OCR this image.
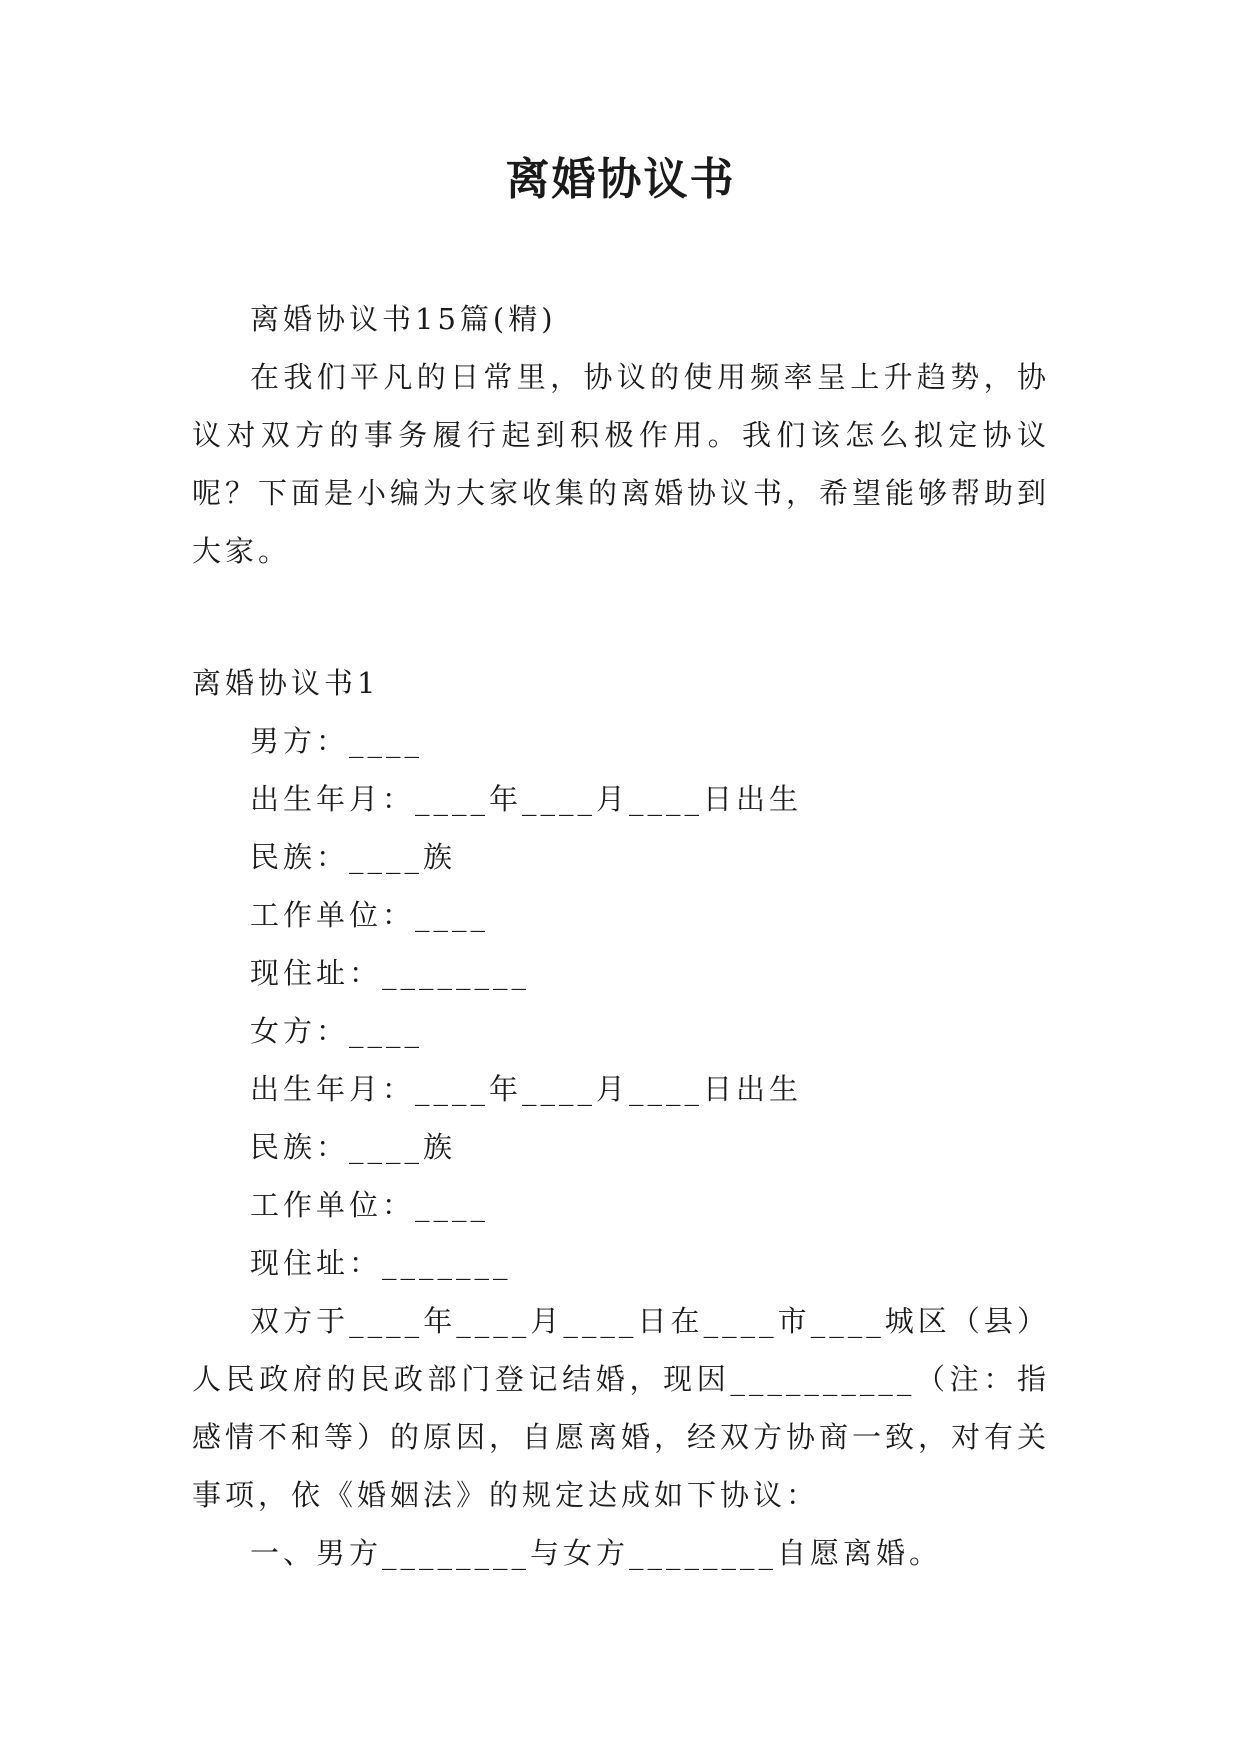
离婚协议书

离婚协议书15篇(精)

在我们平凡的日常里，协议的使用频率呈上升趋势，协议对双方的事务履行起到积极作用。我们该怎么拟定协议呢？下面是小编为大家收集的离婚协议书，希望能够帮助到大家。

离婚协议书1

男方：____

出生年月：____年____月____日出生

民族：____族

工作单位：____

现住址：________

女方：____

出生年月：____年____月____日出生

民族：____族

工作单位：____

现住址：_______

双方于____年____月____日在____市____城区（县）人民政府的民政部门登记结婚，现因__________（注：指感情不和等）的原因，自愿离婚，经双方协商一致，对有关事项，依《婚姻法》的规定达成如下协议：

一、男方________与女方________自愿离婚。
